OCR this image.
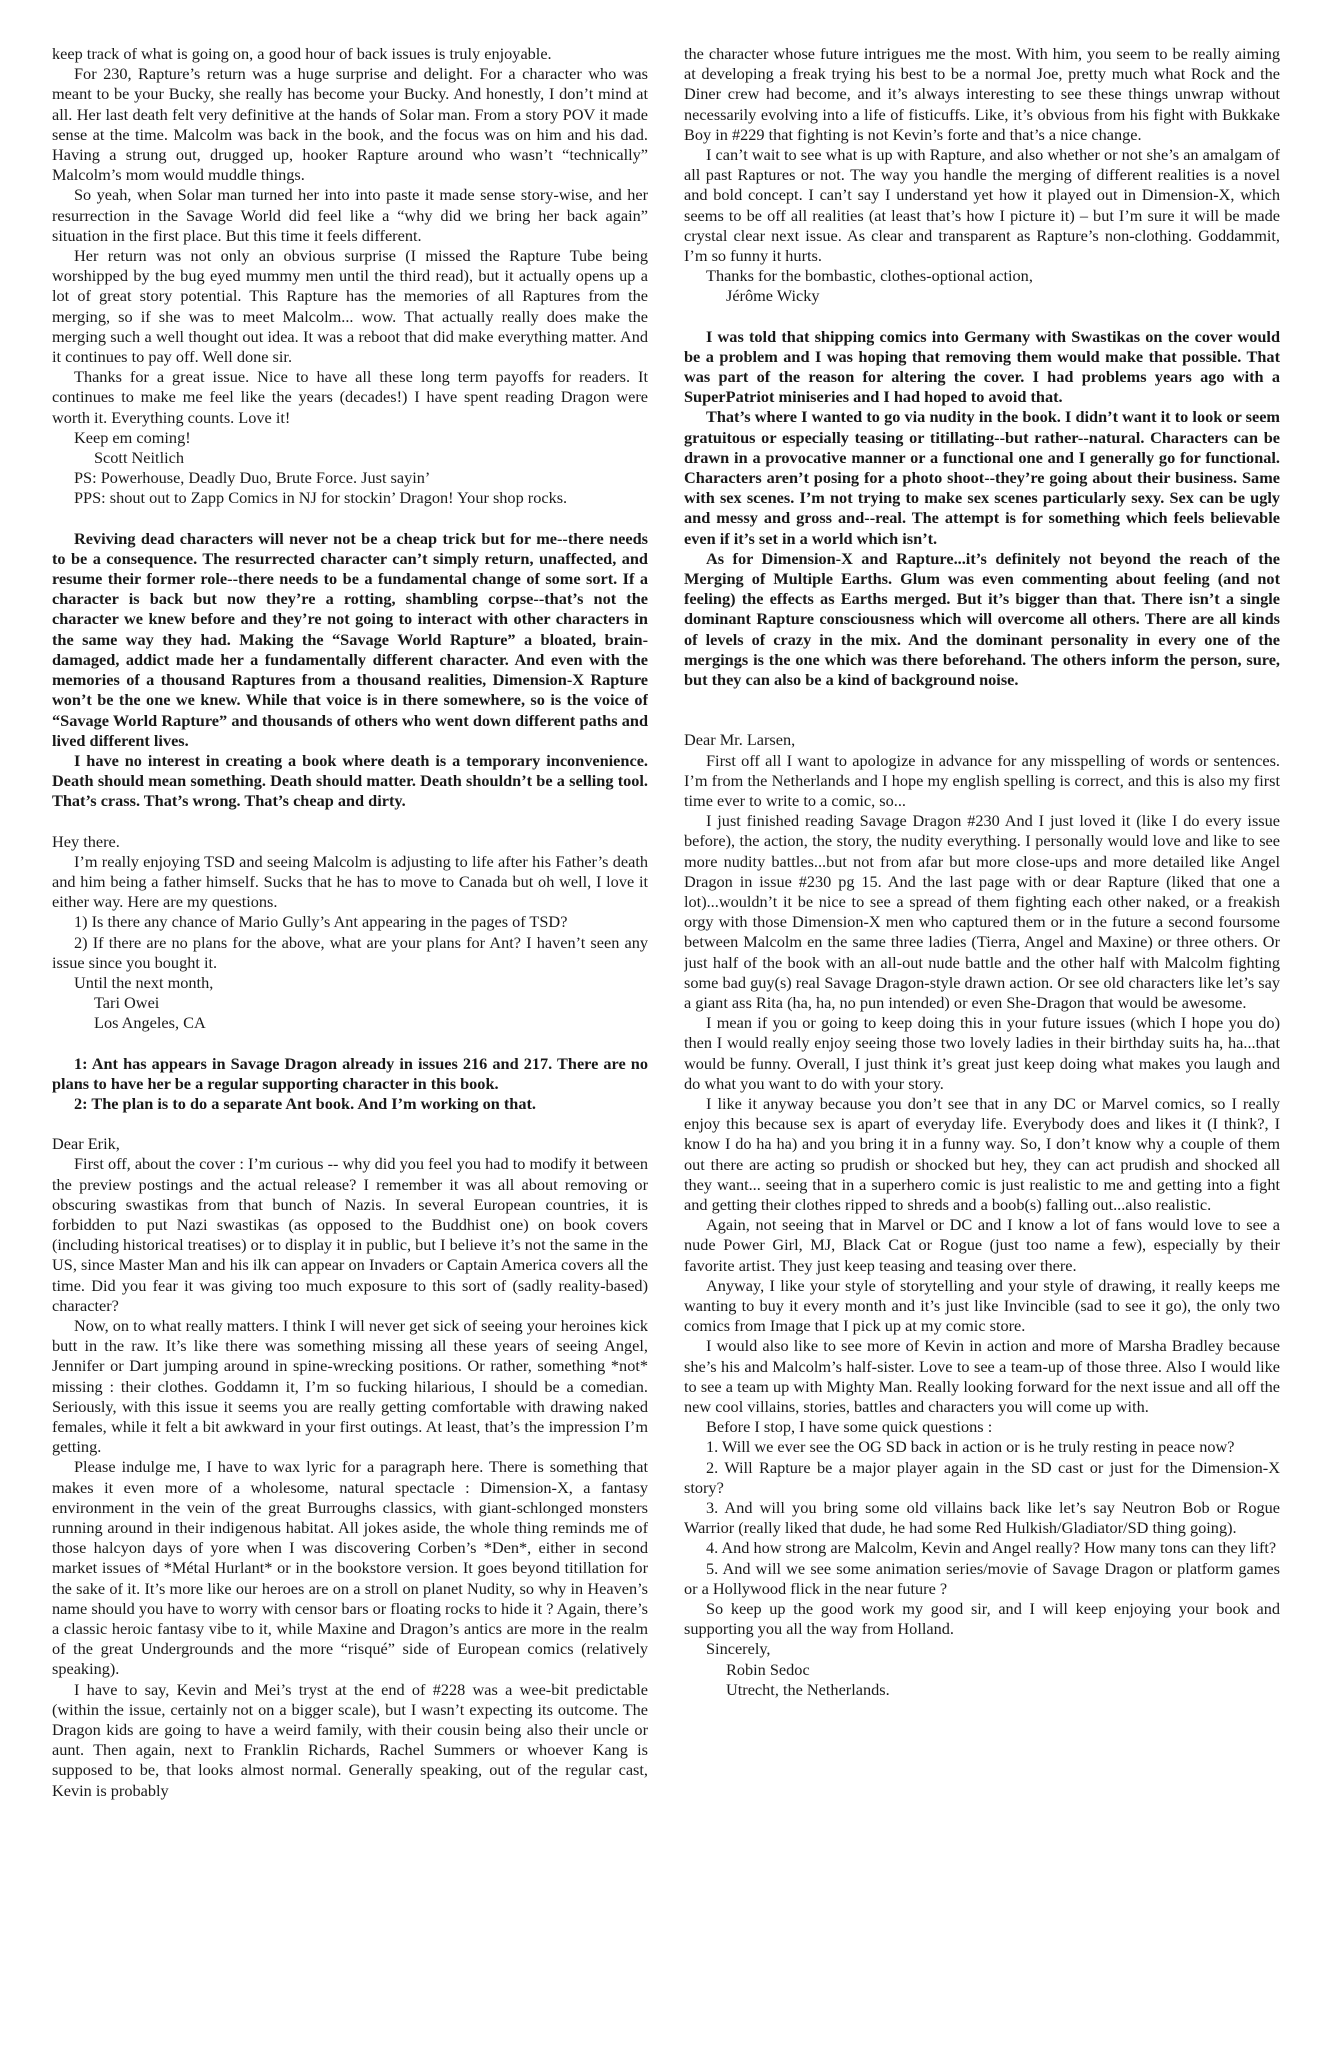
keep track of what is going on, a good hour of back issues is truly enjoyable.

For 230, Rapture’s return was a huge surprise and delight. For a character who was meant to be your Bucky, she really has become your Bucky. And honestly, I don’t mind at all. Her last death felt very definitive at the hands of Solar man. From a story POV it made sense at the time. Malcolm was back in the book, and the focus was on him and his dad. Having a strung out, drugged up, hooker Rapture around who wasn’t “technically” Malcolm’s mom would muddle things.

So yeah, when Solar man turned her into into paste it made sense story-wise, and her resurrection in the Savage World did feel like a “why did we bring her back again” situation in the first place. But this time it feels different.

Her return was not only an obvious surprise (I missed the Rapture Tube being worshipped by the bug eyed mummy men until the third read), but it actually opens up a lot of great story potential. This Rapture has the memories of all Raptures from the merging, so if she was to meet Malcolm... wow. That actually really does make the merging such a well thought out idea. It was a reboot that did make everything matter. And it continues to pay off. Well done sir.

Thanks for a great issue. Nice to have all these long term payoffs for readers. It continues to make me feel like the years (decades!) I have spent reading Dragon were worth it. Everything counts. Love it!

Keep em coming!

Scott Neitlich

PS: Powerhouse, Deadly Duo, Brute Force. Just sayin’

PPS: shout out to Zapp Comics in NJ for stockin’ Dragon! Your shop rocks.

Reviving dead characters will never not be a cheap trick but for me--there needs to be a consequence. The resurrected character can’t simply return, unaffected, and resume their former role--there needs to be a fundamental change of some sort. If a character is back but now they’re a rotting, shambling corpse--that’s not the character we knew before and they’re not going to interact with other characters in the same way they had. Making the “Savage World Rapture” a bloated, brain-damaged, addict made her a fundamentally different character. And even with the memories of a thousand Raptures from a thousand realities, Dimension-X Rapture won’t be the one we knew. While that voice is in there somewhere, so is the voice of “Savage World Rapture” and thousands of others who went down different paths and lived different lives.

I have no interest in creating a book where death is a temporary inconvenience. Death should mean something. Death should matter. Death shouldn’t be a selling tool. That’s crass. That’s wrong. That’s cheap and dirty.

Hey there.

I’m really enjoying TSD and seeing Malcolm is adjusting to life after his Father’s death and him being a father himself. Sucks that he has to move to Canada but oh well, I love it either way. Here are my questions.

1) Is there any chance of Mario Gully’s Ant appearing in the pages of TSD?

2) If there are no plans for the above, what are your plans for Ant? I haven’t seen any issue since you bought it.

Until the next month,

Tari Owei

Los Angeles, CA

1: Ant has appears in Savage Dragon already in issues 216 and 217. There are no plans to have her be a regular supporting character in this book.

2: The plan is to do a separate Ant book. And I’m working on that.

Dear Erik,

First off, about the cover : I’m curious -- why did you feel you had to modify it between the preview postings and the actual release? I remember it was all about removing or obscuring swastikas from that bunch of Nazis. In several European countries, it is forbidden to put Nazi swastikas (as opposed to the Buddhist one) on book covers (including historical treatises) or to display it in public, but I believe it’s not the same in the US, since Master Man and his ilk can appear on Invaders or Captain America covers all the time. Did you fear it was giving too much exposure to this sort of (sadly reality-based) character?

Now, on to what really matters. I think I will never get sick of seeing your heroines kick butt in the raw. It’s like there was something missing all these years of seeing Angel, Jennifer or Dart jumping around in spine-wrecking positions. Or rather, something *not* missing : their clothes. Goddamn it, I’m so fucking hilarious, I should be a comedian. Seriously, with this issue it seems you are really getting comfortable with drawing naked females, while it felt a bit awkward in your first outings. At least, that’s the impression I’m getting.

Please indulge me, I have to wax lyric for a paragraph here. There is something that makes it even more of a wholesome, natural spectacle : Dimension-X, a fantasy environment in the vein of the great Burroughs classics, with giant-schlonged monsters running around in their indigenous habitat. All jokes aside, the whole thing reminds me of those halcyon days of yore when I was discovering Corben’s *Den*, either in second market issues of *Métal Hurlant* or in the bookstore version. It goes beyond titillation for the sake of it. It’s more like our heroes are on a stroll on planet Nudity, so why in Heaven’s name should you have to worry with censor bars or floating rocks to hide it ? Again, there’s a classic heroic fantasy vibe to it, while Maxine and Dragon’s antics are more in the realm of the great Undergrounds and the more “risqué” side of European comics (relatively speaking).

I have to say, Kevin and Mei’s tryst at the end of #228 was a wee-bit predictable (within the issue, certainly not on a bigger scale), but I wasn’t expecting its outcome. The Dragon kids are going to have a weird family, with their cousin being also their uncle or aunt. Then again, next to Franklin Richards, Rachel Summers or whoever Kang is supposed to be, that looks almost normal. Generally speaking, out of the regular cast, Kevin is probably

the character whose future intrigues me the most. With him, you seem to be really aiming at developing a freak trying his best to be a normal Joe, pretty much what Rock and the Diner crew had become, and it’s always interesting to see these things unwrap without necessarily evolving into a life of fisticuffs. Like, it’s obvious from his fight with Bukkake Boy in #229 that fighting is not Kevin’s forte and that’s a nice change.

I can’t wait to see what is up with Rapture, and also whether or not she’s an amalgam of all past Raptures or not. The way you handle the merging of different realities is a novel and bold concept. I can’t say I understand yet how it played out in Dimension-X, which seems to be off all realities (at least that’s how I picture it) – but I’m sure it will be made crystal clear next issue. As clear and transparent as Rapture’s non-clothing. Goddammit, I’m so funny it hurts.

Thanks for the bombastic, clothes-optional action,

Jérôme Wicky

I was told that shipping comics into Germany with Swastikas on the cover would be a problem and I was hoping that removing them would make that possible. That was part of the reason for altering the cover. I had problems years ago with a SuperPatriot miniseries and I had hoped to avoid that.

That’s where I wanted to go via nudity in the book. I didn’t want it to look or seem gratuitous or especially teasing or titillating--but rather--natural. Characters can be drawn in a provocative manner or a functional one and I generally go for functional. Characters aren’t posing for a photo shoot--they’re going about their business. Same with sex scenes. I’m not trying to make sex scenes particularly sexy. Sex can be ugly and messy and gross and--real. The attempt is for something which feels believable even if it’s set in a world which isn’t.

As for Dimension-X and Rapture...it’s definitely not beyond the reach of the Merging of Multiple Earths. Glum was even commenting about feeling (and not feeling) the effects as Earths merged. But it’s bigger than that. There isn’t a single dominant Rapture consciousness which will overcome all others. There are all kinds of levels of crazy in the mix. And the dominant personality in every one of the mergings is the one which was there beforehand. The others inform the person, sure, but they can also be a kind of background noise.

Dear Mr. Larsen,

First off all I want to apologize in advance for any misspelling of words or sentences. I’m from the Netherlands and I hope my english spelling is correct, and this is also my first time ever to write to a comic, so...

I just finished reading Savage Dragon #230 And I just loved it (like I do every issue before), the action, the story, the nudity everything. I personally would love and like to see more nudity battles...but not from afar but more close-ups and more detailed like Angel Dragon in issue #230 pg 15. And the last page with or dear Rapture (liked that one a lot)...wouldn’t it be nice to see a spread of them fighting each other naked, or a freakish orgy with those Dimension-X men who captured them or in the future a second foursome between Malcolm en the same three ladies (Tierra, Angel and Maxine) or three others. Or just half of the book with an all-out nude battle and the other half with Malcolm fighting some bad guy(s) real Savage Dragon-style drawn action. Or see old characters like let’s say a giant ass Rita (ha, ha, no pun intended) or even She-Dragon that would be awesome.

I mean if you or going to keep doing this in your future issues (which I hope you do) then I would really enjoy seeing those two lovely ladies in their birthday suits ha, ha...that would be funny. Overall, I just think it’s great just keep doing what makes you laugh and do what you want to do with your story.

I like it anyway because you don’t see that in any DC or Marvel comics, so I really enjoy this because sex is apart of everyday life. Everybody does and likes it (I think?, I know I do ha ha) and you bring it in a funny way. So, I don’t know why a couple of them out there are acting so prudish or shocked but hey, they can act prudish and shocked all they want... seeing that in a superhero comic is just realistic to me and getting into a fight and getting their clothes ripped to shreds and a boob(s) falling out...also realistic.

Again, not seeing that in Marvel or DC and I know a lot of fans would love to see a nude Power Girl, MJ, Black Cat or Rogue (just too name a few), especially by their favorite artist. They just keep teasing and teasing over there.

Anyway, I like your style of storytelling and your style of drawing, it really keeps me wanting to buy it every month and it’s just like Invincible (sad to see it go), the only two comics from Image that I pick up at my comic store.

I would also like to see more of Kevin in action and more of Marsha Bradley because she’s his and Malcolm’s half-sister. Love to see a team-up of those three. Also I would like to see a team up with Mighty Man. Really looking forward for the next issue and all off the new cool villains, stories, battles and characters you will come up with.

Before I stop, I have some quick questions :

1. Will we ever see the OG SD back in action or is he truly resting in peace now?

2. Will Rapture be a major player again in the SD cast or just for the Dimension-X story?

3. And will you bring some old villains back like let’s say Neutron Bob or Rogue Warrior (really liked that dude, he had some Red Hulkish/Gladiator/SD thing going).

4. And how strong are Malcolm, Kevin and Angel really? How many tons can they lift?

5. And will we see some animation series/movie of Savage Dragon or platform games or a Hollywood flick in the near future ?

So keep up the good work my good sir, and I will keep enjoying your book and supporting you all the way from Holland.

Sincerely,

Robin Sedoc

Utrecht, the Netherlands.
